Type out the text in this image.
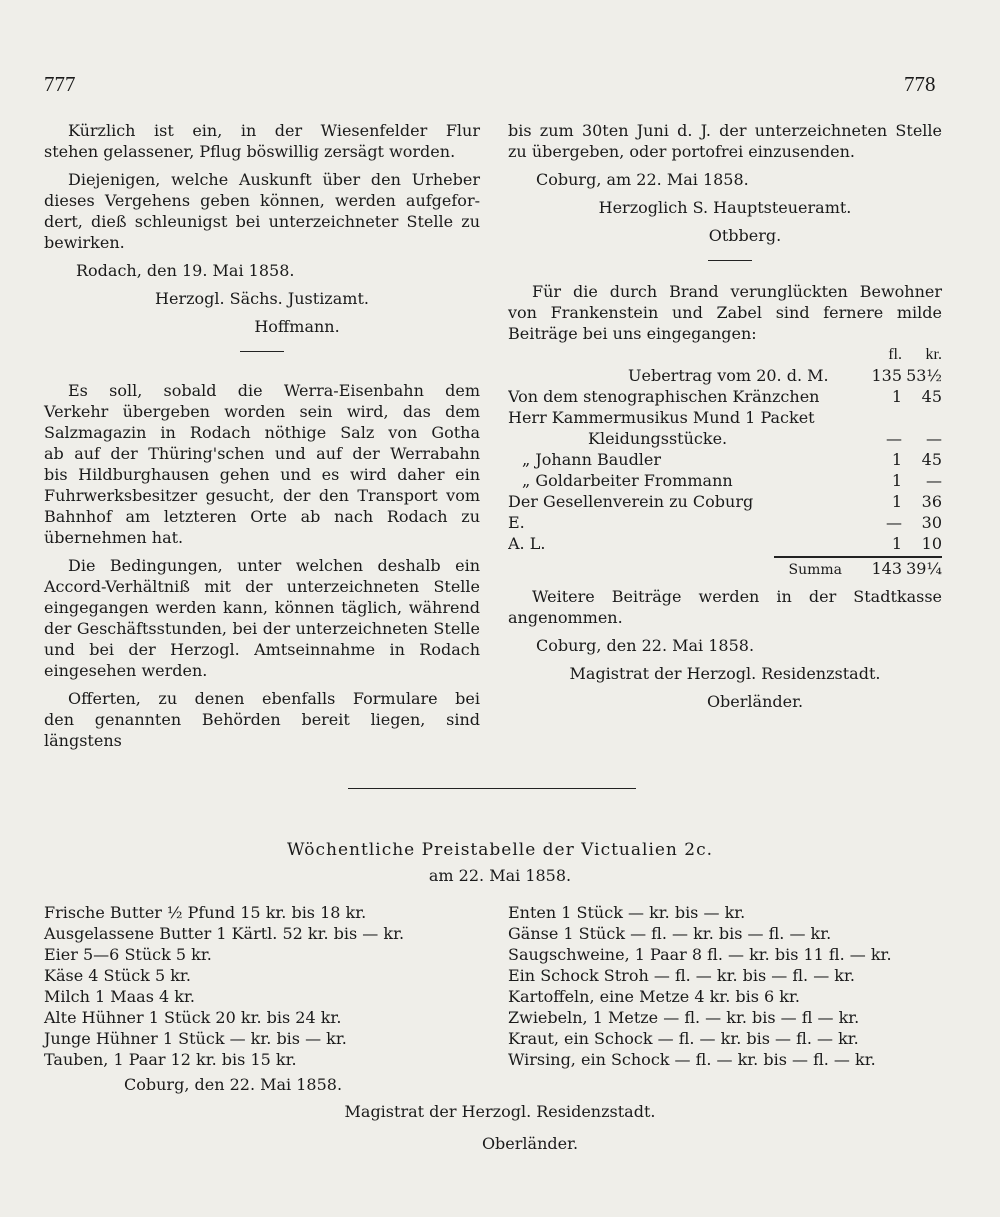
777	778

Kürzlich ist ein, in der Wiesenfelder Flur

stehen gelassener, Pflug böswillig zersägt worden.

Diejenigen, welche Auskunft über den Urheber

dieses Vergehens geben können, werden aufgefor-

dert, dieß schleunigst bei unterzeichneter Stelle zu

bewirken.

Rodach, den 19. Mai 1858.

Herzogl. Sächs. Justizamt.

Hoffmann.

Es soll, sobald die Werra-Eisenbahn dem

Verkehr übergeben worden sein wird, das dem

Salzmagazin in Rodach nöthige Salz von Gotha

ab auf der Thüring'schen und auf der Werrabahn

bis Hildburghausen gehen und es wird daher ein

Fuhrwerksbesitzer gesucht, der den Transport vom

Bahnhof am letzteren Orte ab nach Rodach zu

übernehmen hat.

Die Bedingungen, unter welchen deshalb ein

Accord-Verhältniß mit der unterzeichneten Stelle

eingegangen werden kann, können täglich, während

der Geschäftsstunden, bei der unterzeichneten Stelle

und bei der Herzogl. Amtseinnahme in Rodach

eingesehen werden.

Offerten, zu denen ebenfalls Formulare bei

den genannten Behörden bereit liegen, sind längstens

bis zum 30ten Juni d. J. der unterzeichneten Stelle

zu übergeben, oder portofrei einzusenden.

Coburg, am 22. Mai 1858.

Herzoglich S. Hauptsteueramt.

Otbberg.

Für die durch Brand verunglückten Bewohner

von Frankenstein und Zabel sind fernere milde

Beiträge bei uns eingegangen:

fl.	kr.
Uebertrag vom 20. d. M.	135 53½
Von dem stenographischen Kränzchen	1	45
Herr Kammermusikus Mund 1 Packet
Kleidungsstücke.	—	—
„ Johann Baudler	1	45
„ Goldarbeiter Frommann	1	—
Der Gesellenverein zu Coburg	1	36
E.	—	30
A. L.	1	10
Summa	143 39¼

Weitere Beiträge werden in der Stadtkasse

angenommen.

Coburg, den 22. Mai 1858.

Magistrat der Herzogl. Residenzstadt.

Oberländer.

Wöchentliche Preistabelle der Victualien 2c.
am 22. Mai 1858.

Frische Butter ½ Pfund 15 kr. bis 18 kr.

Ausgelassene Butter 1 Kärtl. 52 kr. bis — kr.

Eier 5—6 Stück 5 kr.

Käse 4 Stück 5 kr.

Milch 1 Maas 4 kr.

Alte Hühner 1 Stück 20 kr. bis 24 kr.

Junge Hühner 1 Stück — kr. bis — kr.

Tauben, 1 Paar 12 kr. bis 15 kr.

Coburg, den 22. Mai 1858.

Enten 1 Stück — kr. bis — kr.

Gänse 1 Stück — fl. — kr. bis — fl. — kr.

Saugschweine, 1 Paar 8 fl. — kr. bis 11 fl. — kr.

Ein Schock Stroh — fl. — kr. bis — fl. — kr.

Kartoffeln, eine Metze 4 kr. bis 6 kr.

Zwiebeln, 1 Metze — fl. — kr. bis — fl — kr.

Kraut, ein Schock — fl. — kr. bis — fl. — kr.

Wirsing, ein Schock — fl. — kr. bis — fl. — kr.

Magistrat der Herzogl. Residenzstadt.
Oberländer.
